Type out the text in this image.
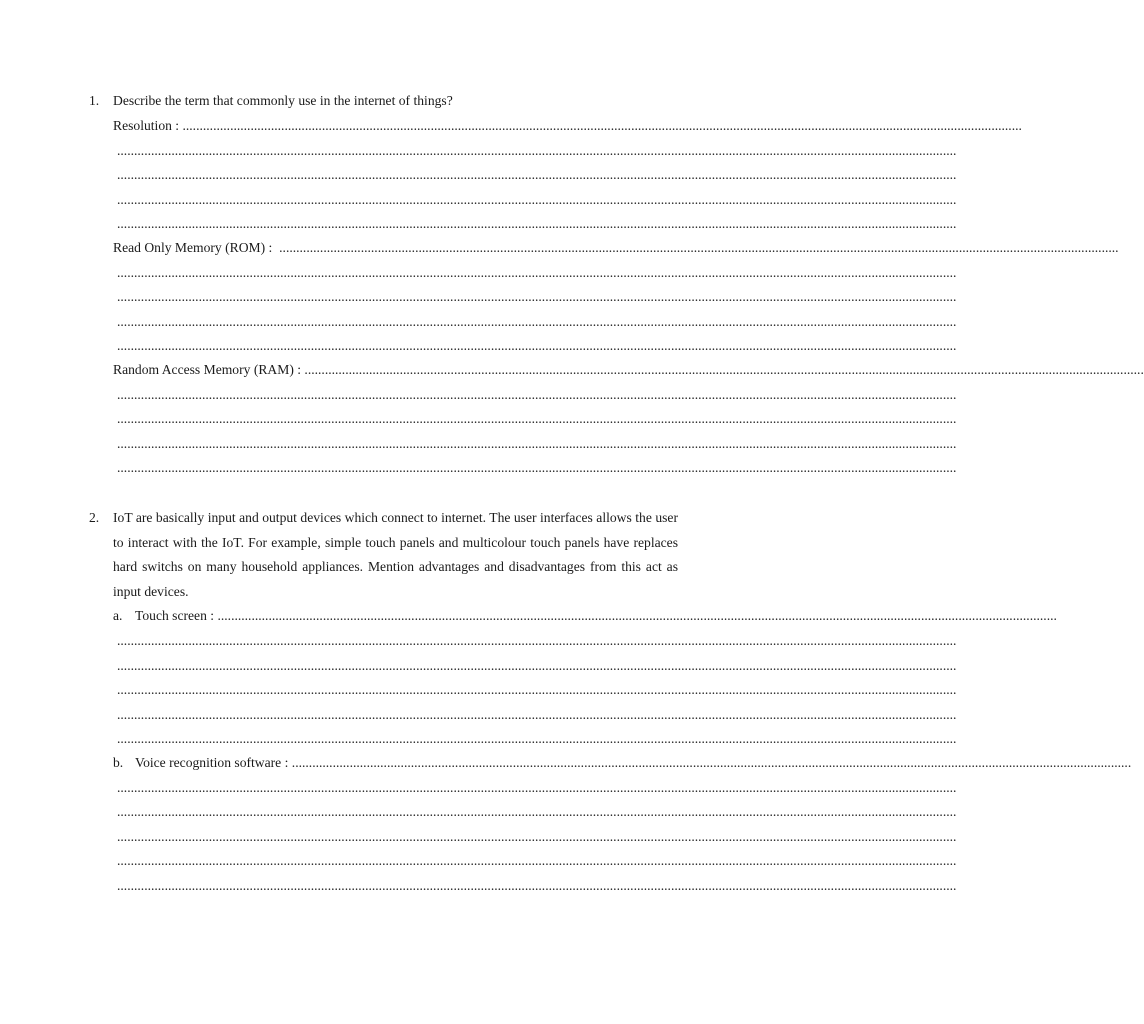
1. Describe the term that commonly use in the internet of things?
Resolution : .......................................................................................................................................................................................................................................................
.......................................................................................................................................................................................................................................................
.......................................................................................................................................................................................................................................................
.......................................................................................................................................................................................................................................................
.......................................................................................................................................................................................................................................................
Read Only Memory (ROM) : .......................................................................................................................................................................................................................................................
.......................................................................................................................................................................................................................................................
.......................................................................................................................................................................................................................................................
.......................................................................................................................................................................................................................................................
.......................................................................................................................................................................................................................................................
Random Access Memory (RAM) : .......................................................................................................................................................................................................................................................
.......................................................................................................................................................................................................................................................
.......................................................................................................................................................................................................................................................
.......................................................................................................................................................................................................................................................
.......................................................................................................................................................................................................................................................
2. IoT are basically input and output devices which connect to internet. The user interfaces allows the user to interact with the IoT. For example, simple touch panels and multicolour touch panels have replaces hard switchs on many household appliances. Mention advantages and disadvantages from this act as input devices.

a. Touch screen : .......................................................................................................................................................................................................................................................
.......................................................................................................................................................................................................................................................
.......................................................................................................................................................................................................................................................
.......................................................................................................................................................................................................................................................
.......................................................................................................................................................................................................................................................
.......................................................................................................................................................................................................................................................
b. Voice recognition software : .......................................................................................................................................................................................................................................................
.......................................................................................................................................................................................................................................................
.......................................................................................................................................................................................................................................................
.......................................................................................................................................................................................................................................................
.......................................................................................................................................................................................................................................................
.......................................................................................................................................................................................................................................................
